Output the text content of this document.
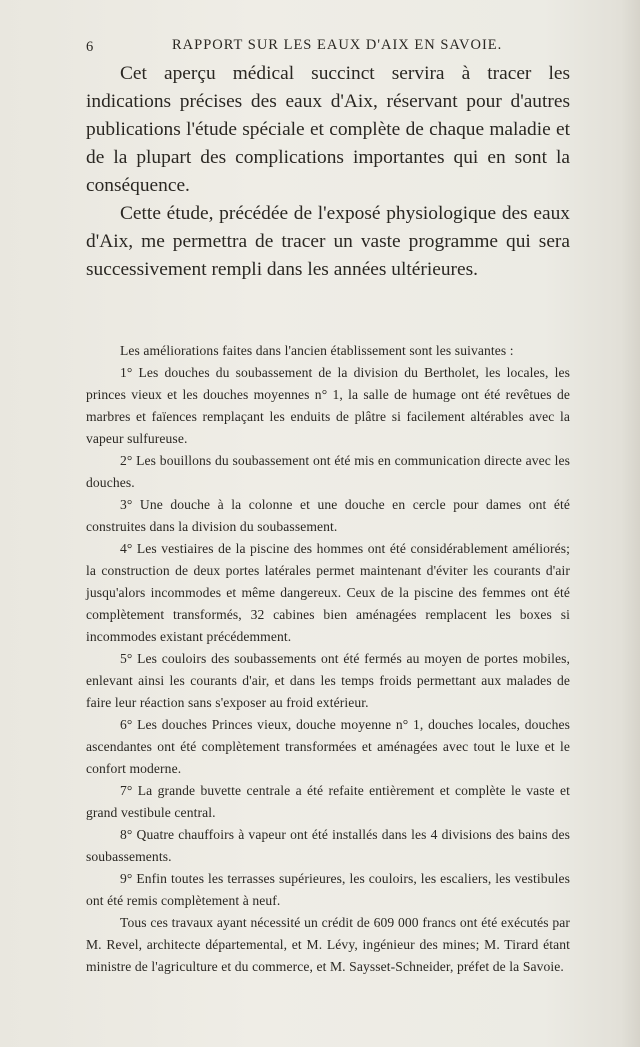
6	RAPPORT SUR LES EAUX D'AIX EN SAVOIE.

Cet aperçu médical succinct servira à tracer les indications précises des eaux d'Aix, réservant pour d'autres publications l'étude spéciale et complète de chaque maladie et de la plupart des complications importantes qui en sont la conséquence.

Cette étude, précédée de l'exposé physiologique des eaux d'Aix, me permettra de tracer un vaste programme qui sera successivement rempli dans les années ultérieures.

Les améliorations faites dans l'ancien établissement sont les suivantes :

1° Les douches du soubassement de la division du Bertholet, les locales, les princes vieux et les douches moyennes n° 1, la salle de humage ont été revêtues de marbres et faïences remplaçant les enduits de plâtre si facilement altérables avec la vapeur sulfureuse.

2° Les bouillons du soubassement ont été mis en communication directe avec les douches.

3° Une douche à la colonne et une douche en cercle pour dames ont été construites dans la division du soubassement.

4° Les vestiaires de la piscine des hommes ont été considérablement améliorés; la construction de deux portes latérales permet maintenant d'éviter les courants d'air jusqu'alors incommodes et même dangereux. Ceux de la piscine des femmes ont été complètement transformés, 32 cabines bien aménagées remplacent les boxes si incommodes existant précédemment.

5° Les couloirs des soubassements ont été fermés au moyen de portes mobiles, enlevant ainsi les courants d'air, et dans les temps froids permettant aux malades de faire leur réaction sans s'exposer au froid extérieur.

6° Les douches Princes vieux, douche moyenne n° 1, douches locales, douches ascendantes ont été complètement transformées et aménagées avec tout le luxe et le confort moderne.

7° La grande buvette centrale a été refaite entièrement et complète le vaste et grand vestibule central.

8° Quatre chauffoirs à vapeur ont été installés dans les 4 divisions des bains des soubassements.

9° Enfin toutes les terrasses supérieures, les couloirs, les escaliers, les vestibules ont été remis complètement à neuf.

Tous ces travaux ayant nécessité un crédit de 609 000 francs ont été exécutés par M. Revel, architecte départemental, et M. Lévy, ingénieur des mines; M. Tirard étant ministre de l'agriculture et du commerce, et M. Saysset-Schneider, préfet de la Savoie.
